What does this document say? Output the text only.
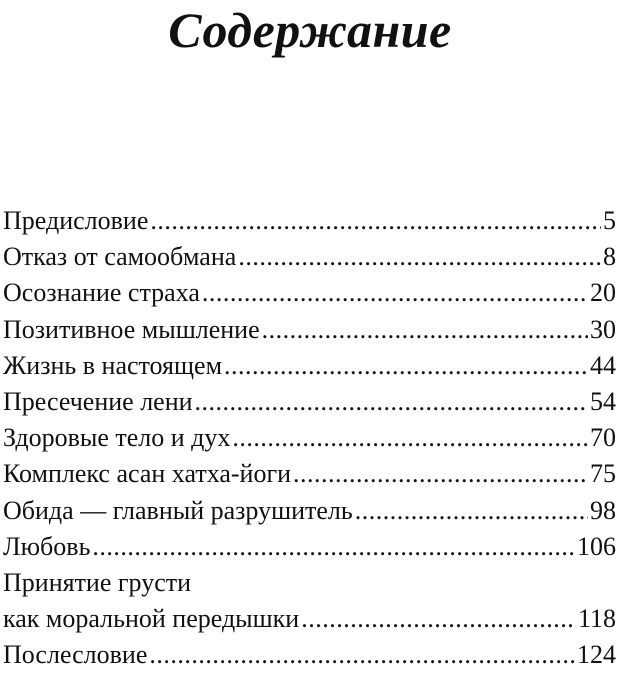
Содержание
Предисловие .....	5
Отказ от самообмана .....	8
Осознание страха .....	20
Позитивное мышление .....	30
Жизнь в настоящем .....	44
Пресечение лени .....	54
Здоровые тело и дух .....	70
Комплекс асан хатха-йоги .....	75
Обида — главный разрушитель .....	98
Любовь .....	106
Принятие грусти
как моральной передышки .....	118
Послесловие .....	124
